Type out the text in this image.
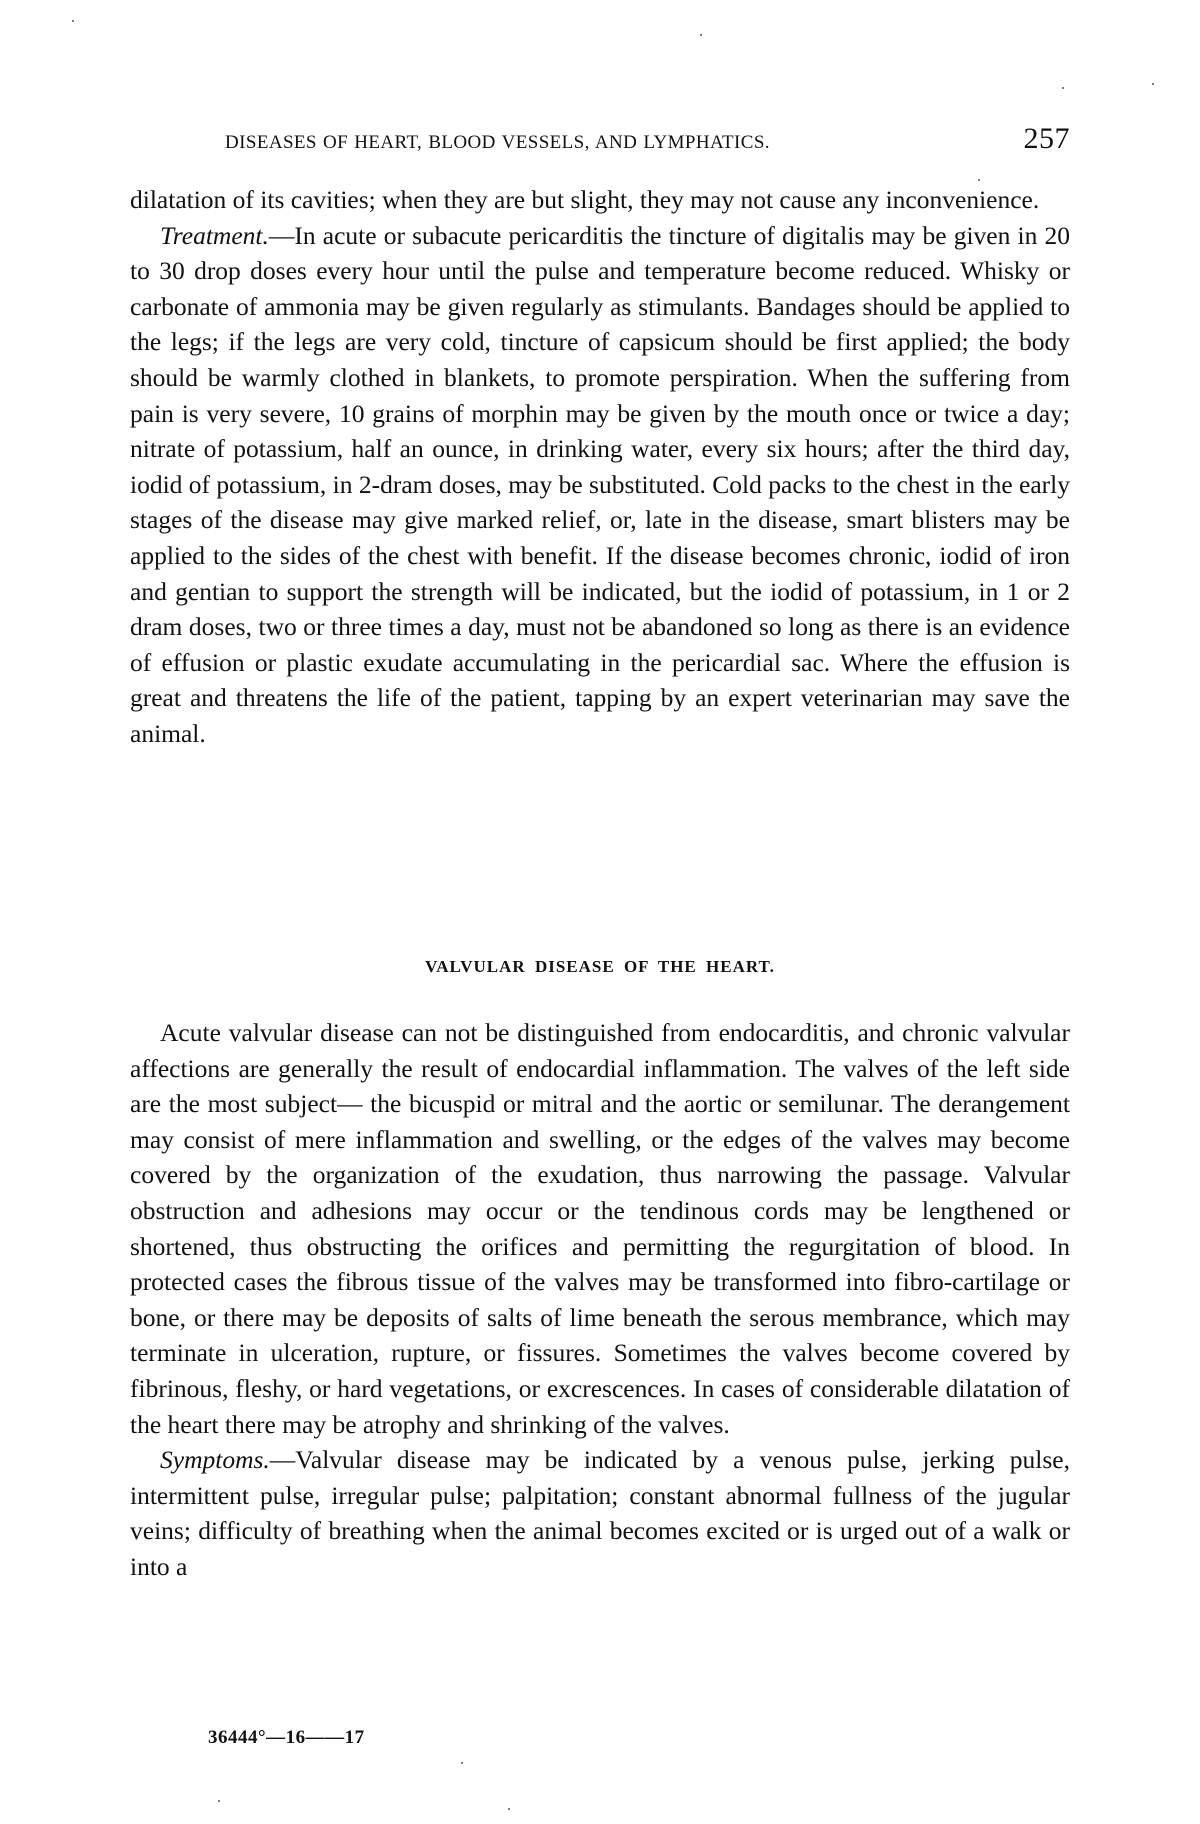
DISEASES OF HEART, BLOOD VESSELS, AND LYMPHATICS.	257

dilatation of its cavities; when they are but slight, they may not cause any inconvenience.

Treatment.—In acute or subacute pericarditis the tincture of digitalis may be given in 20 to 30 drop doses every hour until the pulse and temperature become reduced. Whisky or carbonate of ammonia may be given regularly as stimulants. Bandages should be applied to the legs; if the legs are very cold, tincture of capsicum should be first applied; the body should be warmly clothed in blankets, to promote perspiration. When the suffering from pain is very severe, 10 grains of morphin may be given by the mouth once or twice a day; nitrate of potassium, half an ounce, in drinking water, every six hours; after the third day, iodid of potassium, in 2-dram doses, may be substituted. Cold packs to the chest in the early stages of the disease may give marked relief, or, late in the disease, smart blisters may be applied to the sides of the chest with benefit. If the disease becomes chronic, iodid of iron and gentian to support the strength will be indicated, but the iodid of potassium, in 1 or 2 dram doses, two or three times a day, must not be abandoned so long as there is an evidence of effusion or plastic exudate accumulating in the pericardial sac. Where the effusion is great and threatens the life of the patient, tapping by an expert veterinarian may save the animal.

VALVULAR DISEASE OF THE HEART.

Acute valvular disease can not be distinguished from endocarditis, and chronic valvular affections are generally the result of endocardial inflammation. The valves of the left side are the most subject— the bicuspid or mitral and the aortic or semilunar. The derangement may consist of mere inflammation and swelling, or the edges of the valves may become covered by the organization of the exudation, thus narrowing the passage. Valvular obstruction and adhesions may occur or the tendinous cords may be lengthened or shortened, thus obstructing the orifices and permitting the regurgitation of blood. In protected cases the fibrous tissue of the valves may be transformed into fibro-cartilage or bone, or there may be deposits of salts of lime beneath the serous membrance, which may terminate in ulceration, rupture, or fissures. Sometimes the valves become covered by fibrinous, fleshy, or hard vegetations, or excrescences. In cases of considerable dilatation of the heart there may be atrophy and shrinking of the valves.

Symptoms.—Valvular disease may be indicated by a venous pulse, jerking pulse, intermittent pulse, irregular pulse; palpitation; constant abnormal fullness of the jugular veins; difficulty of breathing when the animal becomes excited or is urged out of a walk or into a

36444°—16——17
